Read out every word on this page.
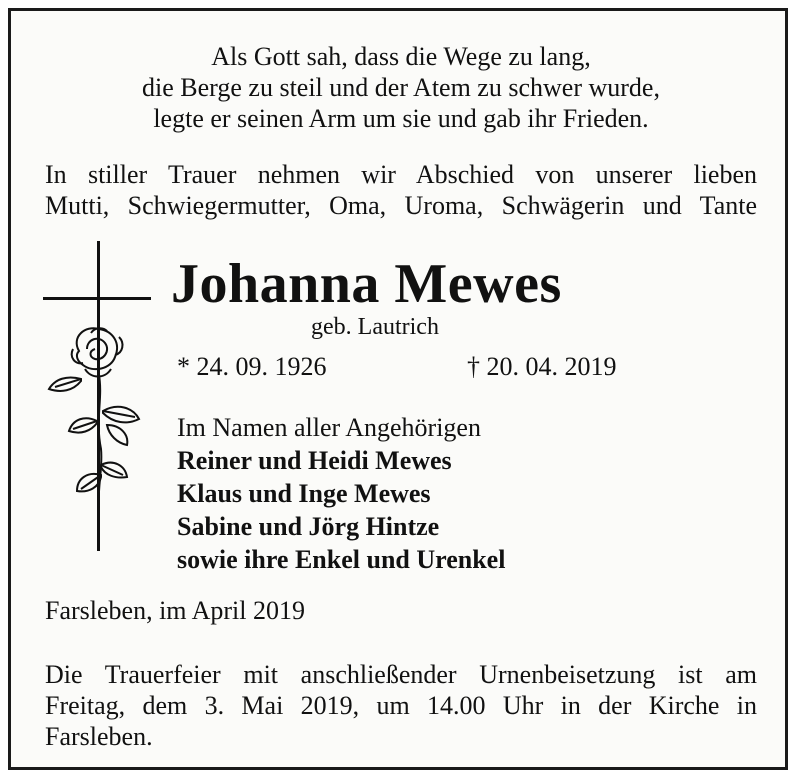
Als Gott sah, dass die Wege zu lang,
die Berge zu steil und der Atem zu schwer wurde,
legte er seinen Arm um sie und gab ihr Frieden.
In stiller Trauer nehmen wir Abschied von unserer lieben
Mutti, Schwiegermutter, Oma, Uroma, Schwägerin und Tante
Johanna Mewes
geb. Lautrich
* 24. 09. 1926	† 20. 04. 2019
Im Namen aller Angehörigen
Reiner und Heidi Mewes
Klaus und Inge Mewes
Sabine und Jörg Hintze
sowie ihre Enkel und Urenkel
Farsleben, im April 2019
Die Trauerfeier mit anschließender Urnenbeisetzung ist am
Freitag, dem 3. Mai 2019, um 14.00 Uhr in der Kirche in
Farsleben.
